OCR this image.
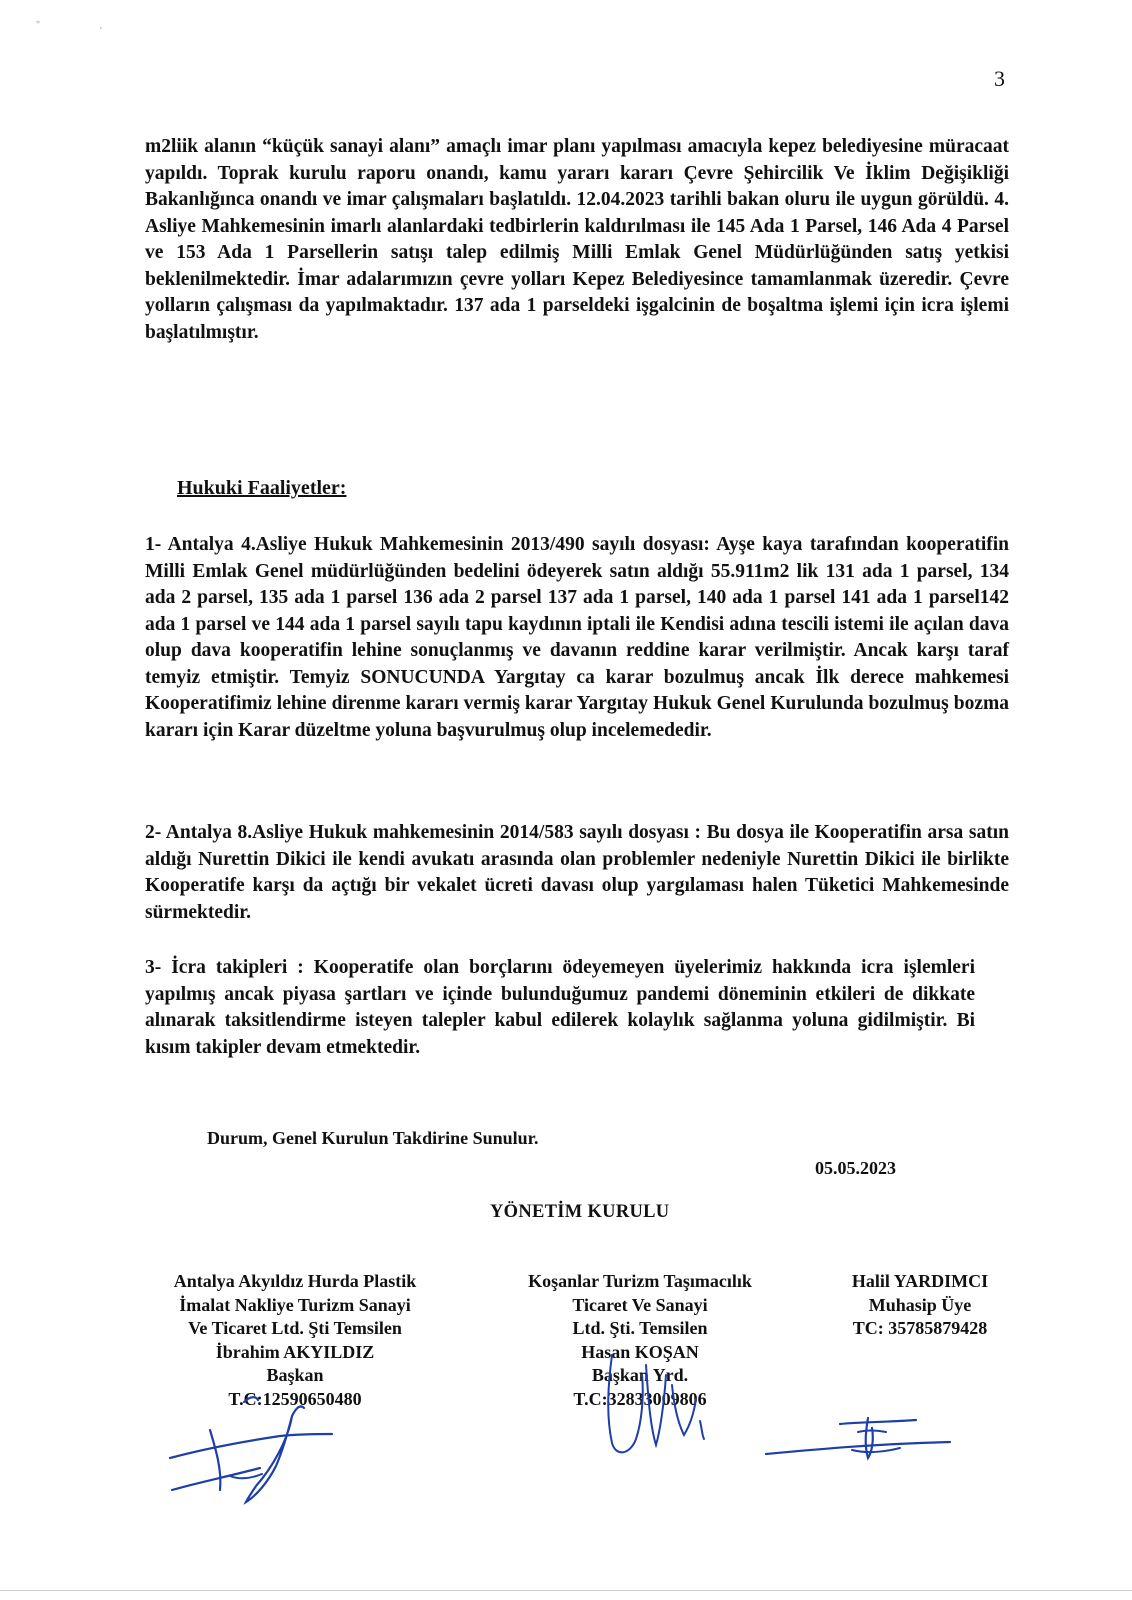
"
'
3

m2liik alanın “küçük sanayi alanı” amaçlı imar planı yapılması amacıyla kepez belediyesine müracaat yapıldı. Toprak kurulu raporu onandı, kamu yararı kararı Çevre Şehircilik Ve İklim Değişikliği Bakanlığınca onandı ve imar çalışmaları başlatıldı. 12.04.2023 tarihli bakan oluru ile uygun görüldü. 4. Asliye Mahkemesinin imarlı alanlardaki tedbirlerin kaldırılması ile 145 Ada 1 Parsel, 146 Ada 4 Parsel ve 153 Ada 1 Parsellerin satışı talep edilmiş Milli Emlak Genel Müdürlüğünden satış yetkisi beklenilmektedir. İmar adalarımızın çevre yolları Kepez Belediyesince tamamlanmak üzeredir. Çevre yolların çalışması da yapılmaktadır. 137 ada 1 parseldeki işgalcinin de boşaltma işlemi için icra işlemi başlatılmıştır.

Hukuki Faaliyetler:

1- Antalya 4.Asliye Hukuk Mahkemesinin 2013/490 sayılı dosyası: Ayşe kaya tarafından kooperatifin Milli Emlak Genel müdürlüğünden bedelini ödeyerek satın aldığı 55.911m2 lik 131 ada 1 parsel, 134 ada 2 parsel, 135 ada 1 parsel 136 ada 2 parsel 137 ada 1 parsel, 140 ada 1 parsel 141 ada 1 parsel142 ada 1 parsel ve 144 ada 1 parsel sayılı tapu kaydının iptali ile Kendisi adına tescili istemi ile açılan dava olup dava kooperatifin lehine sonuçlanmış ve davanın reddine karar verilmiştir. Ancak karşı taraf temyiz etmiştir. Temyiz SONUCUNDA Yargıtay ca karar bozulmuş ancak İlk derece mahkemesi Kooperatifimiz lehine direnme kararı vermiş karar Yargıtay Hukuk Genel Kurulunda bozulmuş bozma kararı için Karar düzeltme yoluna başvurulmuş olup incelemededir.

2- Antalya 8.Asliye Hukuk mahkemesinin 2014/583 sayılı dosyası : Bu dosya ile Kooperatifin arsa satın aldığı Nurettin Dikici ile kendi avukatı arasında olan problemler nedeniyle Nurettin Dikici ile birlikte Kooperatife karşı da açtığı bir vekalet ücreti davası olup yargılaması halen Tüketici Mahkemesinde sürmektedir.

3- İcra takipleri : Kooperatife olan borçlarını ödeyemeyen üyelerimiz hakkında icra işlemleri yapılmış ancak piyasa şartları ve içinde bulunduğumuz pandemi döneminin etkileri de dikkate alınarak taksitlendirme isteyen talepler kabul edilerek kolaylık sağlanma yoluna gidilmiştir. Bi kısım takipler devam etmektedir.

Durum, Genel Kurulun Takdirine Sunulur.
05.05.2023
YÖNETİM KURULU
Antalya Akyıldız Hurda Plastik
İmalat Nakliye Turizm Sanayi
Ve Ticaret Ltd. Şti Temsilen
İbrahim AKYILDIZ
Başkan
T.C:12590650480
Koşanlar Turizm Taşımacılık
Ticaret Ve Sanayi
Ltd. Şti. Temsilen
Hasan KOŞAN
Başkan Yrd.
T.C:32833009806
Halil YARDIMCI
Muhasip Üye
TC: 35785879428
